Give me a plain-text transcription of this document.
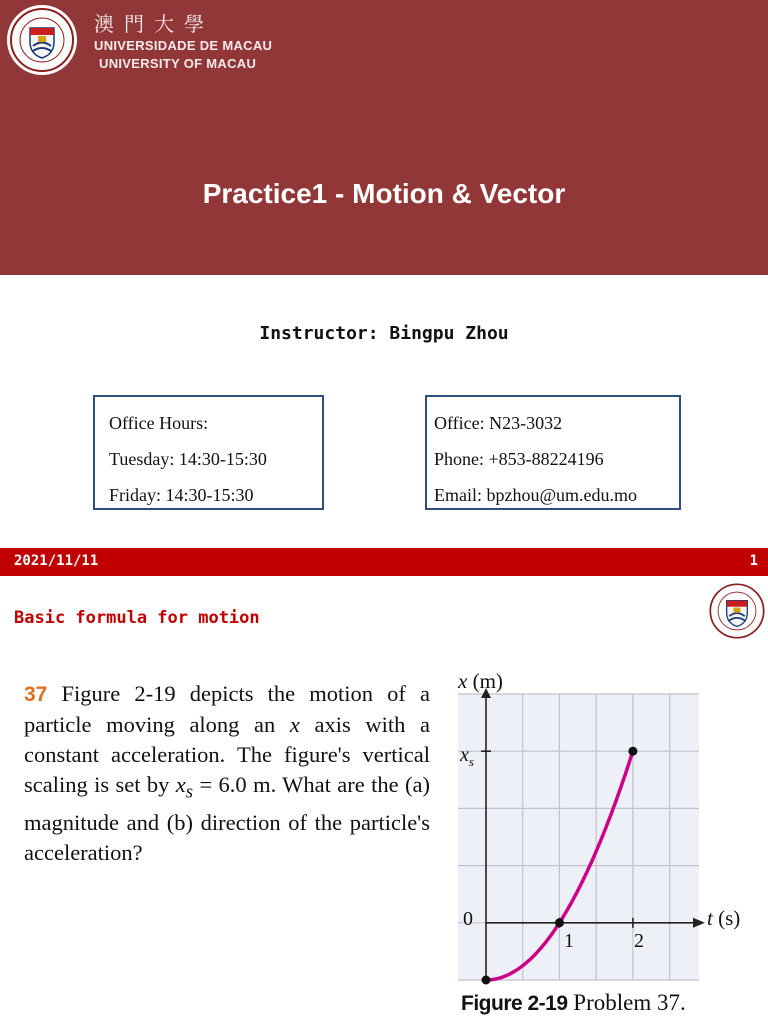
澳門大學
UNIVERSIDADE DE MACAU
UNIVERSITY OF MACAU
Practice1 - Motion & Vector
Instructor: Bingpu Zhou
Office Hours:
Tuesday: 14:30-15:30
Friday: 14:30-15:30
Office: N23-3032
Phone: +853-88224196
Email: bpzhou@um.edu.mo
2021/11/11	1
Basic formula for motion
37 Figure 2-19 depicts the motion of a particle moving along an x axis with a constant acceleration. The figure's vertical scaling is set by $x_s = 6.0$ m. What are the (a) magnitude and (b) direction of the particle's acceleration?
x (m)
$x_s$
0	t (s)
1	2
Figure 2-19 Problem 37.
